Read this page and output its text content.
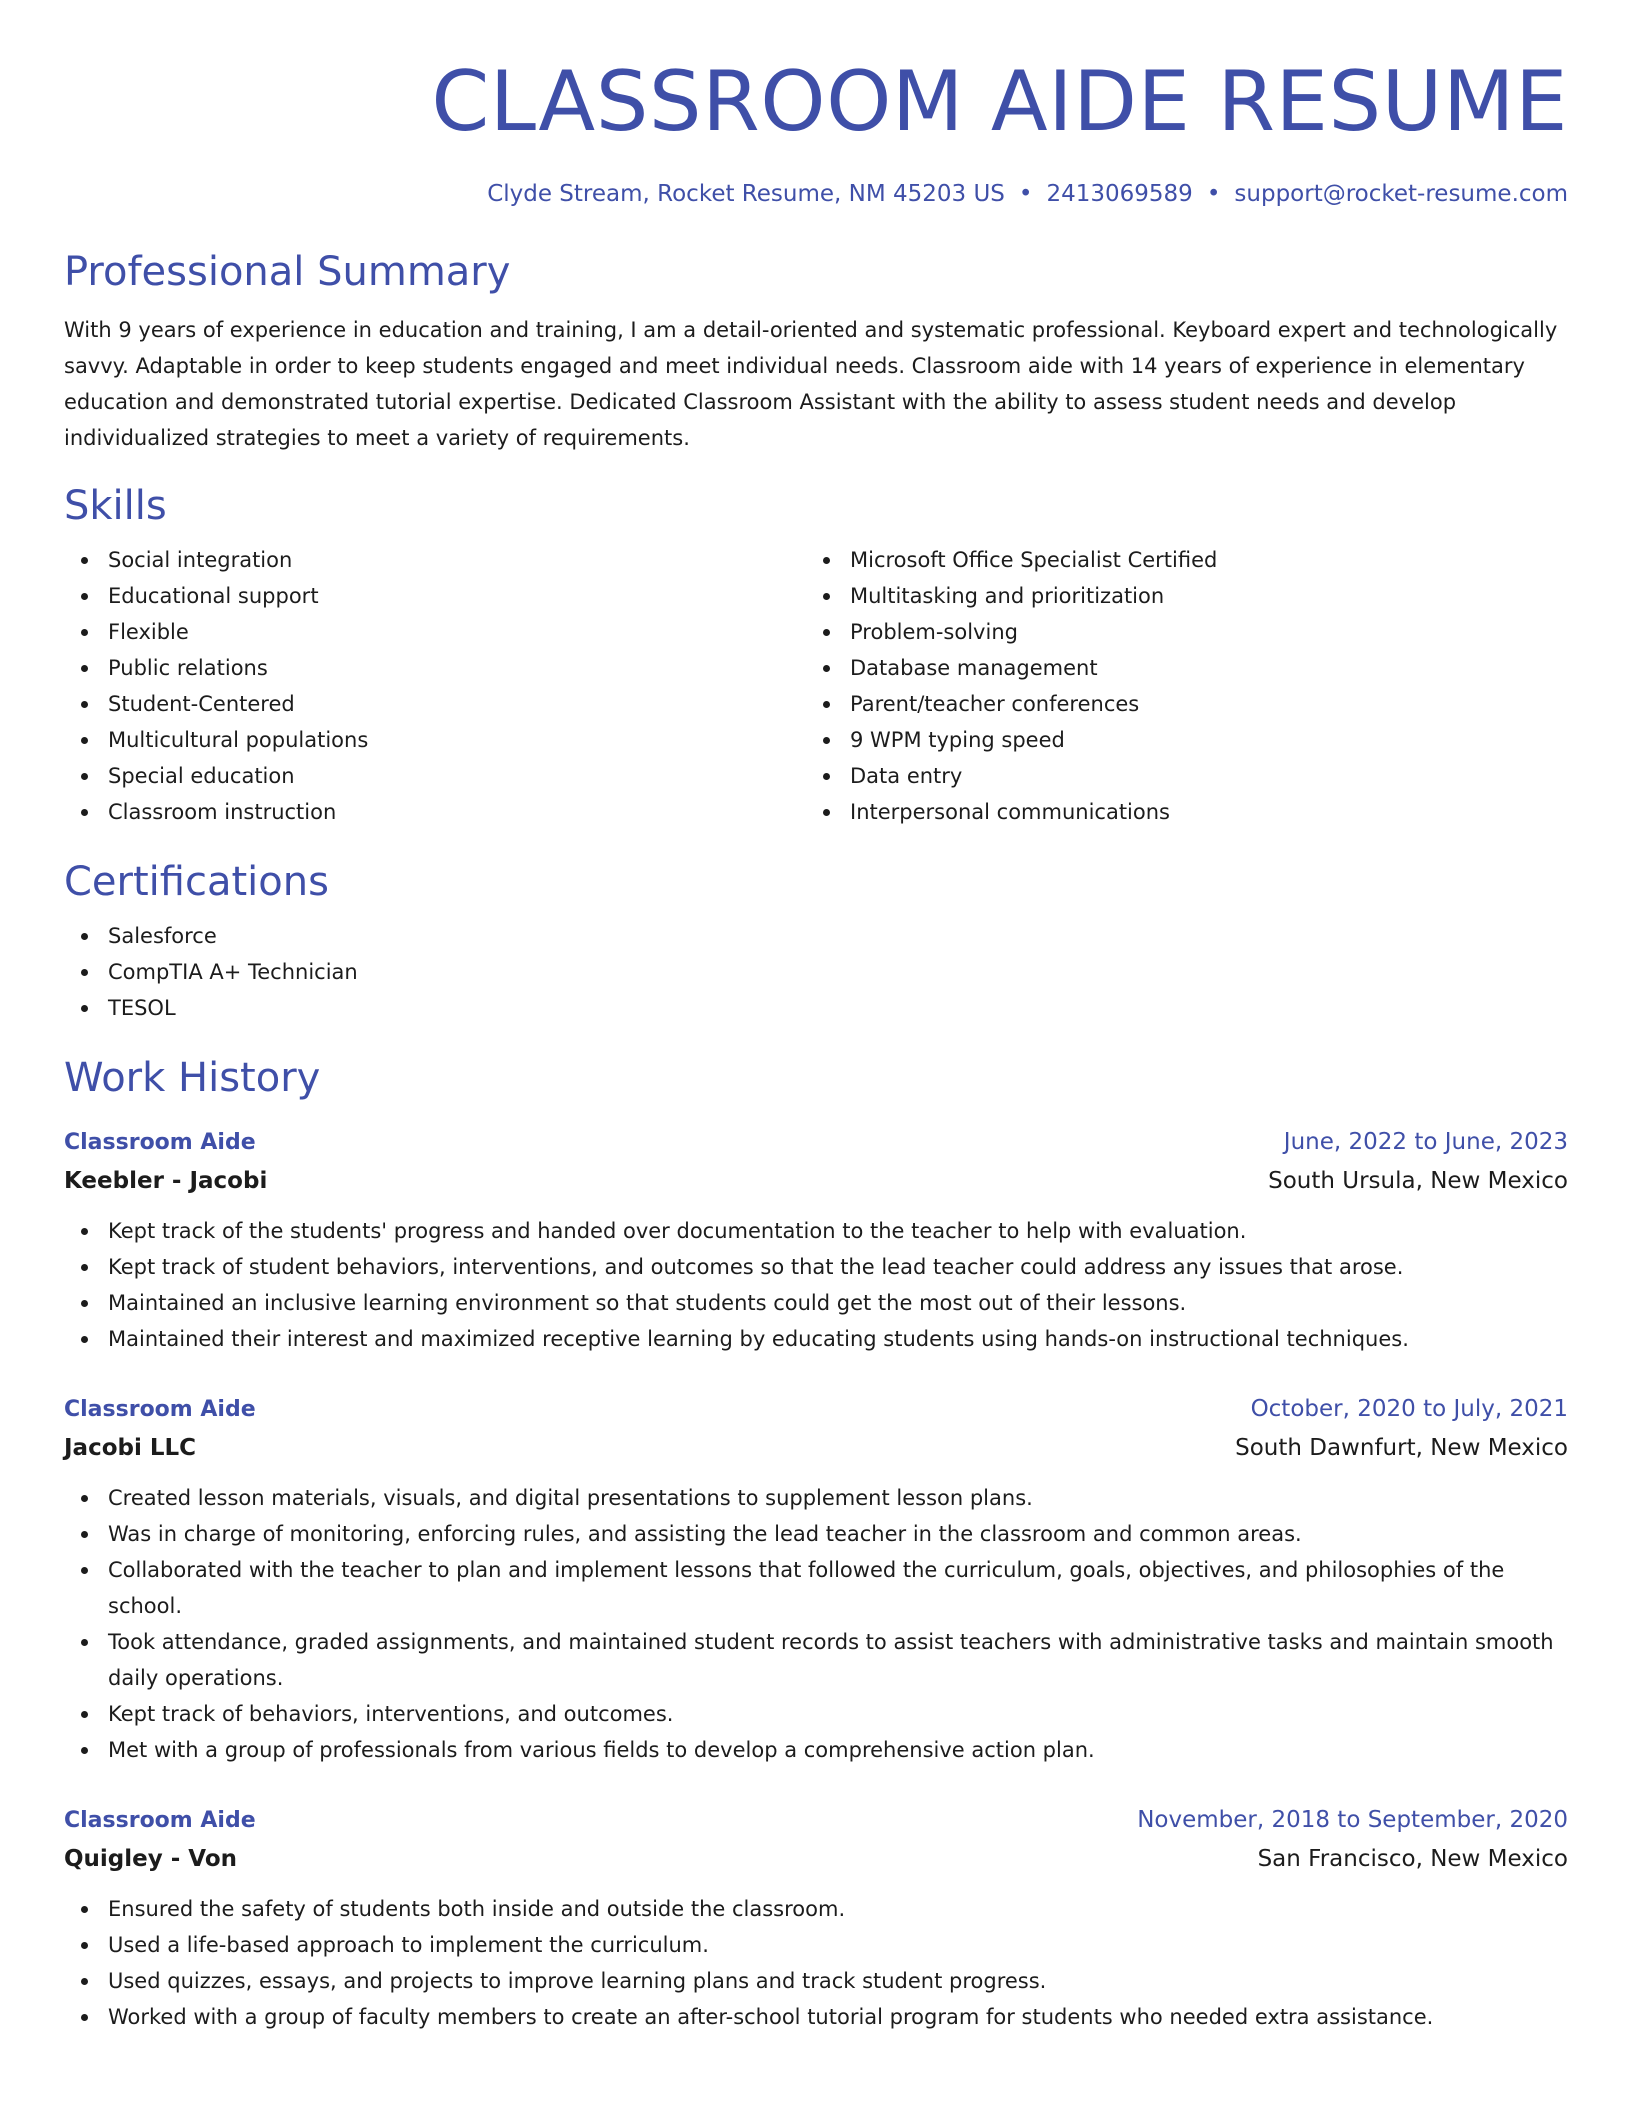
CLASSROOM AIDE RESUME
Clyde Stream, Rocket Resume, NM 45203 US • 2413069589 • support@rocket-resume.com
Professional Summary

With 9 years of experience in education and training, I am a detail-oriented and systematic professional. Keyboard expert and technologically savvy. Adaptable in order to keep students engaged and meet individual needs. Classroom aide with 14 years of experience in elementary education and demonstrated tutorial expertise. Dedicated Classroom Assistant with the ability to assess student needs and develop individualized strategies to meet a variety of requirements.

Skills
Social integration
Educational support
Flexible
Public relations
Student-Centered
Multicultural populations
Special education
Classroom instruction
Microsoft Office Specialist Certified
Multitasking and prioritization
Problem-solving
Database management
Parent/teacher conferences
9 WPM typing speed
Data entry
Interpersonal communications
Certifications
Salesforce
CompTIA A+ Technician
TESOL
Work History
Classroom Aide	June, 2022 to June, 2023
Keebler - Jacobi	South Ursula, New Mexico
Kept track of the students' progress and handed over documentation to the teacher to help with evaluation.
Kept track of student behaviors, interventions, and outcomes so that the lead teacher could address any issues that arose.
Maintained an inclusive learning environment so that students could get the most out of their lessons.
Maintained their interest and maximized receptive learning by educating students using hands-on instructional techniques.
Classroom Aide	October, 2020 to July, 2021
Jacobi LLC	South Dawnfurt, New Mexico
Created lesson materials, visuals, and digital presentations to supplement lesson plans.
Was in charge of monitoring, enforcing rules, and assisting the lead teacher in the classroom and common areas.
Collaborated with the teacher to plan and implement lessons that followed the curriculum, goals, objectives, and philosophies of the school.
Took attendance, graded assignments, and maintained student records to assist teachers with administrative tasks and maintain smooth daily operations.
Kept track of behaviors, interventions, and outcomes.
Met with a group of professionals from various fields to develop a comprehensive action plan.
Classroom Aide	November, 2018 to September, 2020
Quigley - Von	San Francisco, New Mexico
Ensured the safety of students both inside and outside the classroom.
Used a life-based approach to implement the curriculum.
Used quizzes, essays, and projects to improve learning plans and track student progress.
Worked with a group of faculty members to create an after-school tutorial program for students who needed extra assistance.
